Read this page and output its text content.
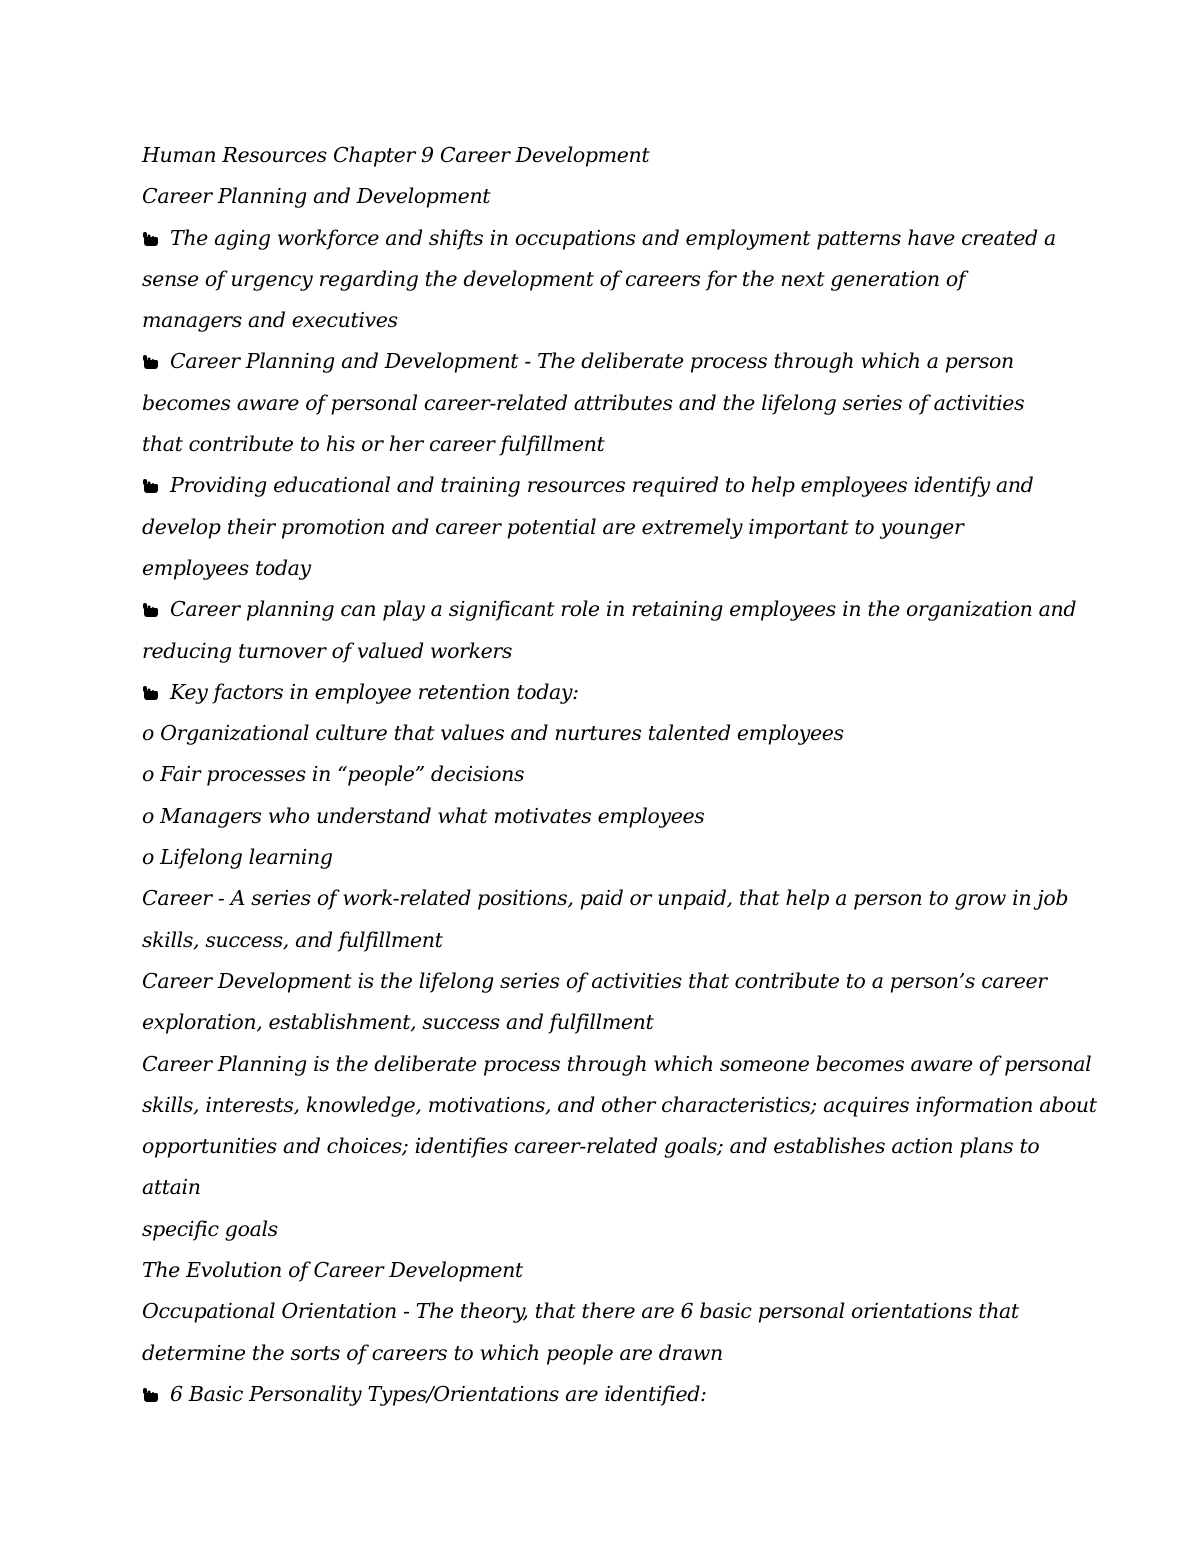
Human Resources Chapter 9 Career Development
Career Planning and Development
The aging workforce and shifts in occupations and employment patterns have created a
sense of urgency regarding the development of careers for the next generation of
managers and executives
Career Planning and Development - The deliberate process through which a person
becomes aware of personal career-related attributes and the lifelong series of activities
that contribute to his or her career fulfillment
Providing educational and training resources required to help employees identify and
develop their promotion and career potential are extremely important to younger
employees today
Career planning can play a significant role in retaining employees in the organization and
reducing turnover of valued workers
Key factors in employee retention today:
o Organizational culture that values and nurtures talented employees
o Fair processes in “people” decisions
o Managers who understand what motivates employees
o Lifelong learning
Career - A series of work-related positions, paid or unpaid, that help a person to grow in job
skills, success, and fulfillment
Career Development is the lifelong series of activities that contribute to a person’s career
exploration, establishment, success and fulfillment
Career Planning is the deliberate process through which someone becomes aware of personal
skills, interests, knowledge, motivations, and other characteristics; acquires information about
opportunities and choices; identifies career-related goals; and establishes action plans to
attain
specific goals
The Evolution of Career Development
Occupational Orientation - The theory, that there are 6 basic personal orientations that
determine the sorts of careers to which people are drawn
6 Basic Personality Types/Orientations are identified:
